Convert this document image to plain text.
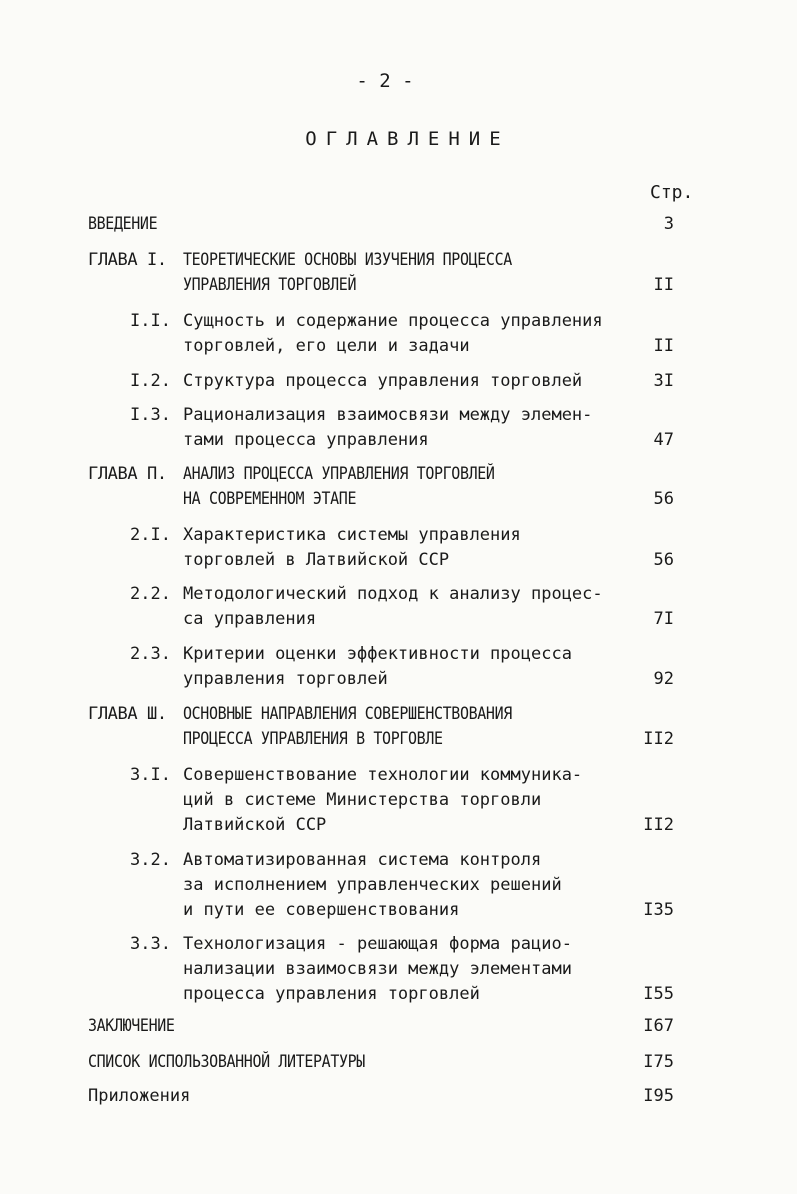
- 2 -
ОГЛАВЛЕНИЕ
Стр.
ВВЕДЕНИЕ	3
ГЛАВА I. ТЕОРЕТИЧЕСКИЕ ОСНОВЫ ИЗУЧЕНИЯ ПРОЦЕССА
УПРАВЛЕНИЯ ТОРГОВЛЕЙ	II
I.I. Сущность и содержание процесса управления
торговлей, его цели и задачи	II
I.2. Структура процесса управления торговлей	3I
I.3. Рационализация взаимосвязи между элемен-
тами процесса управления	47
ГЛАВА П. АНАЛИЗ ПРОЦЕССА УПРАВЛЕНИЯ ТОРГОВЛЕЙ
НА СОВРЕМЕННОМ ЭТАПЕ	56
2.I. Характеристика системы управления
торговлей в Латвийской ССР	56
2.2. Методологический подход к анализу процес-
са управления	7I
2.3. Критерии оценки эффективности процесса
управления торговлей	92
ГЛАВА Ш. ОСНОВНЫЕ НАПРАВЛЕНИЯ СОВЕРШЕНСТВОВАНИЯ
ПРОЦЕССА УПРАВЛЕНИЯ В ТОРГОВЛЕ	II2
3.I. Совершенствование технологии коммуника-
ций в системе Министерства торговли
Латвийской ССР	II2
3.2. Автоматизированная система контроля
за исполнением управленческих решений
и пути ее совершенствования	I35
3.3. Технологизация - решающая форма рацио-
нализации взаимосвязи между элементами
процесса управления торговлей	I55
ЗАКЛЮЧЕНИЕ	I67
СПИСОК ИСПОЛЬЗОВАННОЙ ЛИТЕРАТУРЫ	I75
Приложения	I95
